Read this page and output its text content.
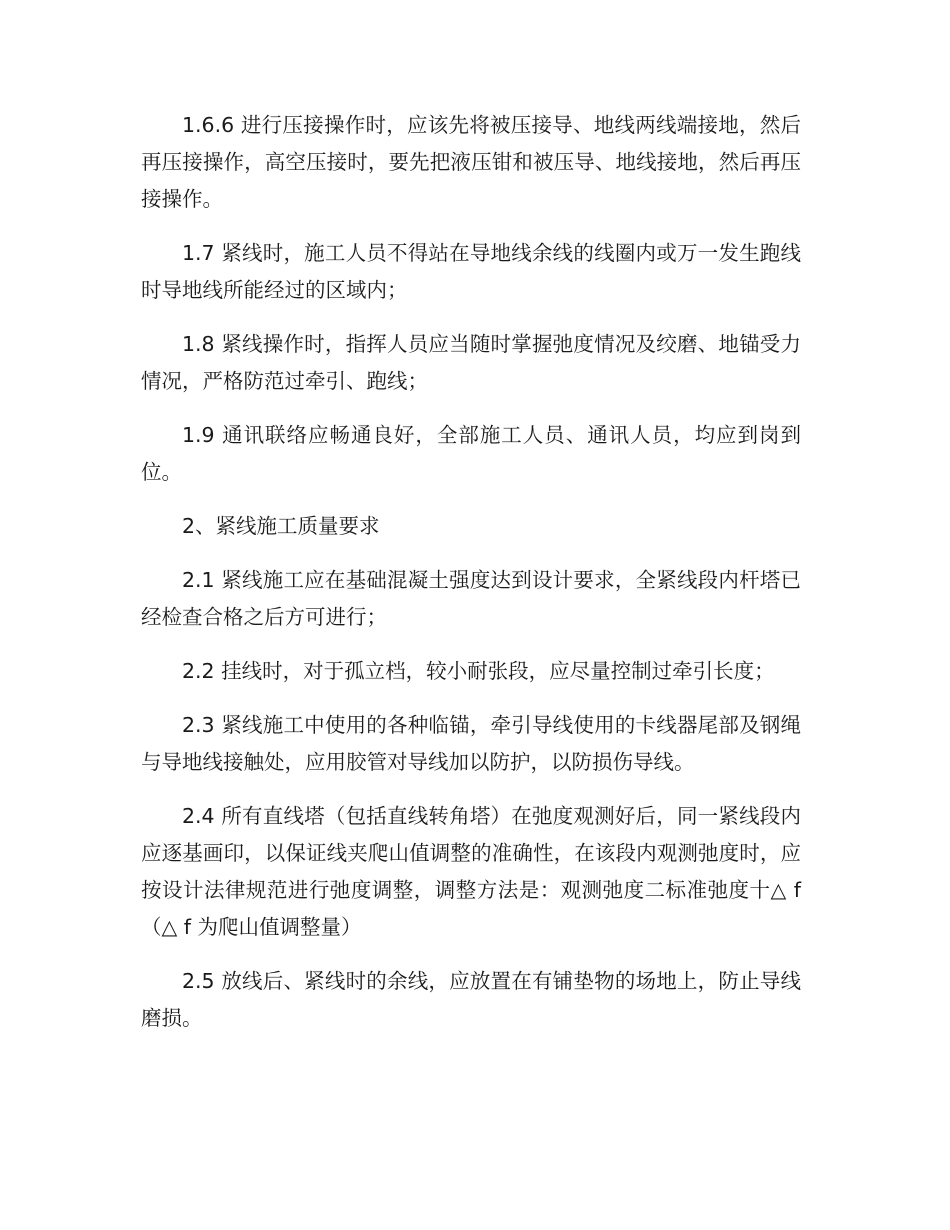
1.6.6 进行压接操作时，应该先将被压接导、地线两线端接地，然后再压接操作，高空压接时，要先把液压钳和被压导、地线接地，然后再压接操作。

1.7 紧线时，施工人员不得站在导地线余线的线圈内或万一发生跑线时导地线所能经过的区域内；

1.8 紧线操作时，指挥人员应当随时掌握弛度情况及绞磨、地锚受力情况，严格防范过牵引、跑线；

1.9 通讯联络应畅通良好，全部施工人员、通讯人员，均应到岗到位。

2、紧线施工质量要求

2.1 紧线施工应在基础混凝土强度达到设计要求，全紧线段内杆塔已经检查合格之后方可进行；

2.2 挂线时，对于孤立档，较小耐张段，应尽量控制过牵引长度；

2.3 紧线施工中使用的各种临锚，牵引导线使用的卡线器尾部及钢绳与导地线接触处，应用胶管对导线加以防护，以防损伤导线。

2.4 所有直线塔（包括直线转角塔）在弛度观测好后，同一紧线段内应逐基画印，以保证线夹爬山值调整的准确性，在该段内观测弛度时，应按设计法律规范进行弛度调整，调整方法是：观测弛度二标准弛度十△ f （△ f 为爬山值调整量）

2.5 放线后、紧线时的余线，应放置在有铺垫物的场地上，防止导线磨损。
